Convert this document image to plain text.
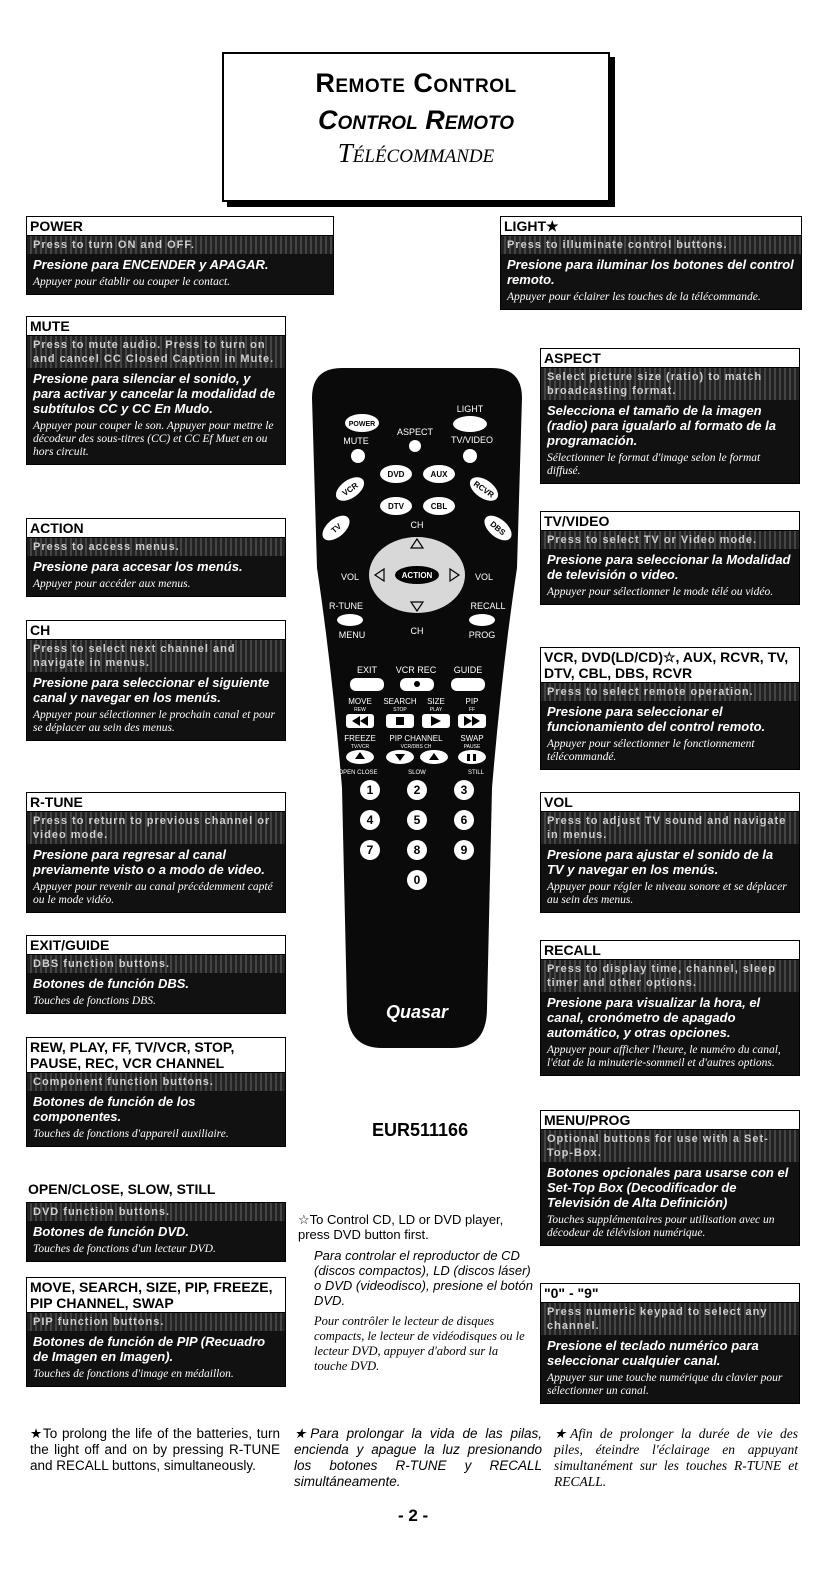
Remote Control
Control Remoto
Télécommande
POWER
Press to turn ON and OFF.
Presione para ENCENDER y APAGAR.
Appuyer pour établir ou couper le contact.
MUTE
Press to mute audio. Press to turn on and cancel CC Closed Caption in Mute.
Presione para silenciar el sonido, y para activar y cancelar la modalidad de subtítulos CC y CC En Mudo.
Appuyer pour couper le son. Appuyer pour mettre le décodeur des sous-titres (CC) et CC Ef Muet en ou hors circuit.
ACTION
Press to access menus.
Presione para accesar los menús.
Appuyer pour accéder aux menus.
CH
Press to select next channel and navigate in menus.
Presione para seleccionar el siguiente canal y navegar en los menús.
Appuyer pour sélectionner le prochain canal et pour se déplacer au sein des menus.
R-TUNE
Press to return to previous channel or video mode.
Presione para regresar al canal previamente visto o a modo de video.
Appuyer pour revenir au canal précédemment capté ou le mode vidéo.
EXIT/GUIDE
DBS function buttons.
Botones de función DBS.
Touches de fonctions DBS.
REW, PLAY, FF, TV/VCR, STOP, PAUSE, REC, VCR CHANNEL
Component function buttons.
Botones de función de los componentes.
Touches de fonctions d'appareil auxiliaire.
OPEN/CLOSE, SLOW, STILL
DVD function buttons.
Botones de función DVD.
Touches de fonctions d'un lecteur DVD.
MOVE, SEARCH, SIZE, PIP, FREEZE, PIP CHANNEL, SWAP
PIP function buttons.
Botones de función de PIP (Recuadro de Imagen en Imagen).
Touches de fonctions d'image en médaillon.
LIGHT★
Press to illuminate control buttons.
Presione para iluminar los botones del control remoto.
Appuyer pour éclairer les touches de la télécommande.
ASPECT
Select picture size (ratio) to match broadcasting format.
Selecciona el tamaño de la imagen (radio) para igualarlo al formato de la programación.
Sélectionner le format d'image selon le format diffusé.
TV/VIDEO
Press to select TV or Video mode.
Presione para seleccionar la Modalidad de televisión o video.
Appuyer pour sélectionner le mode télé ou vidéo.
VCR, DVD(LD/CD)☆, AUX, RCVR, TV, DTV, CBL, DBS, RCVR
Press to select remote operation.
Presione para seleccionar el funcionamiento del control remoto.
Appuyer pour sélectionner le fonctionnement télécommandé.
VOL
Press to adjust TV sound and navigate in menus.
Presione para ajustar el sonido de la TV y navegar en los menús.
Appuyer pour régler le niveau sonore et se déplacer au sein des menus.
RECALL
Press to display time, channel, sleep timer and other options.
Presione para visualizar la hora, el canal, cronómetro de apagado automático, y otras opciones.
Appuyer pour afficher l'heure, le numéro du canal, l'état de la minuterie-sommeil et d'autres options.
MENU/PROG
Optional buttons for use with a Set-Top-Box.
Botones opcionales para usarse con el Set-Top Box (Decodificador de Televisión de Alta Definición)
Touches supplémentaires pour utilisation avec un décodeur de télévision numérique.
"0" - "9"
Press numeric keypad to select any channel.
Presione el teclado numérico para seleccionar cualquier canal.
Appuyer sur une touche numérique du clavier pour sélectionner un canal.
POWER
LIGHT
ASPECT
MUTE	TV/VIDEO
DVD	AUX
VCR	RCVR
DTV	CBL
TV	DBS
CH
ACTION
VOL	VOL
R-TUNE	RECALL
MENU	CH	PROG
EXIT VCR REC GUIDE
MOVE SEARCH SIZE	PIP
REW	STOP	PLAY	FF
FREEZE PIP CHANNEL SWAP
TV/VCR	VCR/DBS CH	PAUSE
OPEN CLOSE	SLOW	STILL
1	2	3
4	5	6
7	8	9
0
Quasar
EUR511166
☆To Control CD, LD or DVD player, press DVD button first.
Para controlar el reproductor de CD (discos compactos), LD (discos láser) o DVD (videodisco), presione el botón DVD.
Pour contrôler le lecteur de disques compacts, le lecteur de vidéodisques ou le lecteur DVD, appuyer d'abord sur la touche DVD.
★To prolong the life of the batteries, turn the light off and on by pressing R-TUNE and RECALL buttons, simultaneously.
★Para prolongar la vida de las pilas, encienda y apague la luz presionando los botones R-TUNE y RECALL simultáneamente.
★Afin de prolonger la durée de vie des piles, éteindre l'éclairage en appuyant simultanément sur les touches R-TUNE et RECALL.
- 2 -
